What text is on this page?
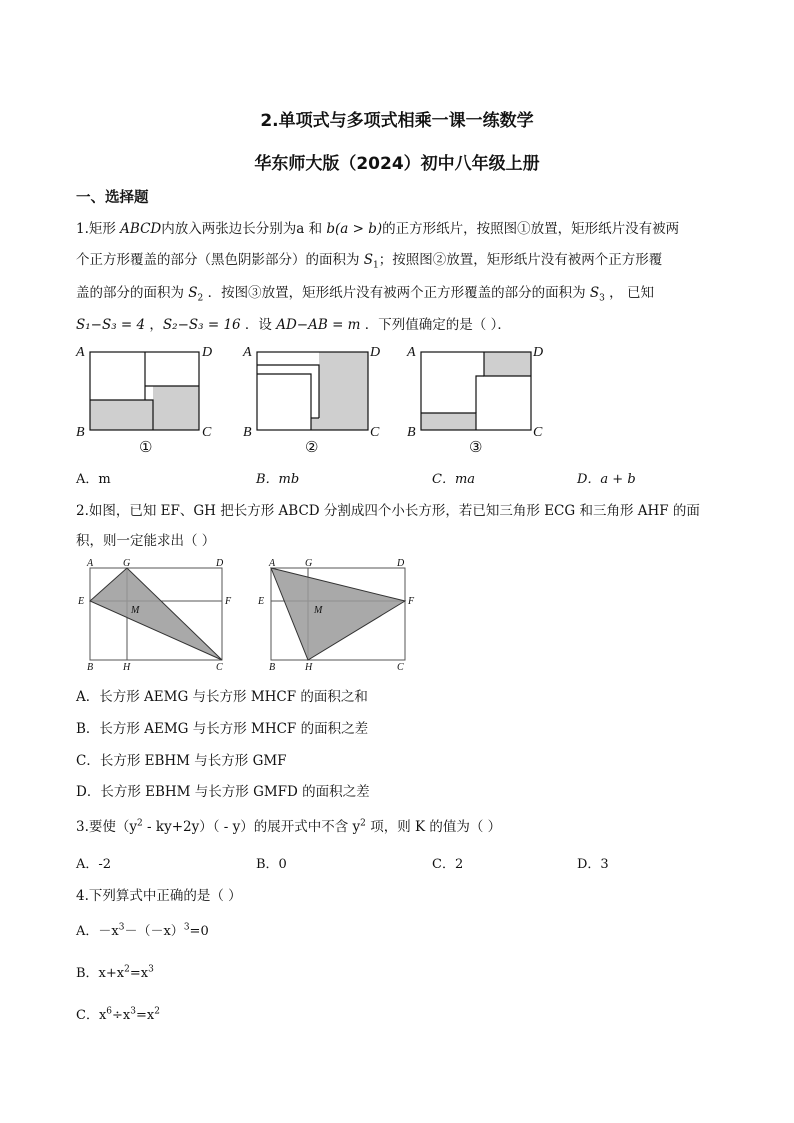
2.单项式与多项式相乘一课一练数学
华东师大版（2024）初中八年级上册
一、选择题
1.矩形 ABCD内放入两张边长分别为a 和 b(a > b)的正方形纸片，按照图①放置，矩形纸片没有被两
个正方形覆盖的部分（黑色阴影部分）的面积为 $S_1$；按照图②放置，矩形纸片没有被两个正方形覆
盖的部分的面积为 $S_2$ ．按图③放置，矩形纸片没有被两个正方形覆盖的部分的面积为 $S_3$ ， 已知
S₁−S₃ = 4 ，S₂−S₃ = 16 ．设 AD−AB = m ．下列值确定的是（ ）．
A	D
B	C
①
A	D
B	C
②
A	D
B	C
③
A．m	B．mb	C．ma	D．a + b
2.如图，已知 EF、GH 把长方形 ABCD 分割成四个小长方形，若已知三角形 ECG 和三角形 AHF 的面
积，则一定能求出（ ）
A	G	D
E	F
M
B	H	C
A	G	D
E	F
M
B	H	C
A．长方形 AEMG 与长方形 MHCF 的面积之和
B．长方形 AEMG 与长方形 MHCF 的面积之差
C．长方形 EBHM 与长方形 GMF
D．长方形 EBHM 与长方形 GMFD 的面积之差
3.要使$(y^2 - ky+2y)( - y)$的展开式中不含 $y^2$ 项，则 K 的值为（ ）
A．-2	B．0	C．2	D．3
4.下列算式中正确的是（ ）
A．$-x^3-(-x)^3=0$
B．$x+x^2=x^3$
C．$x^6\div x^3=x^2$
